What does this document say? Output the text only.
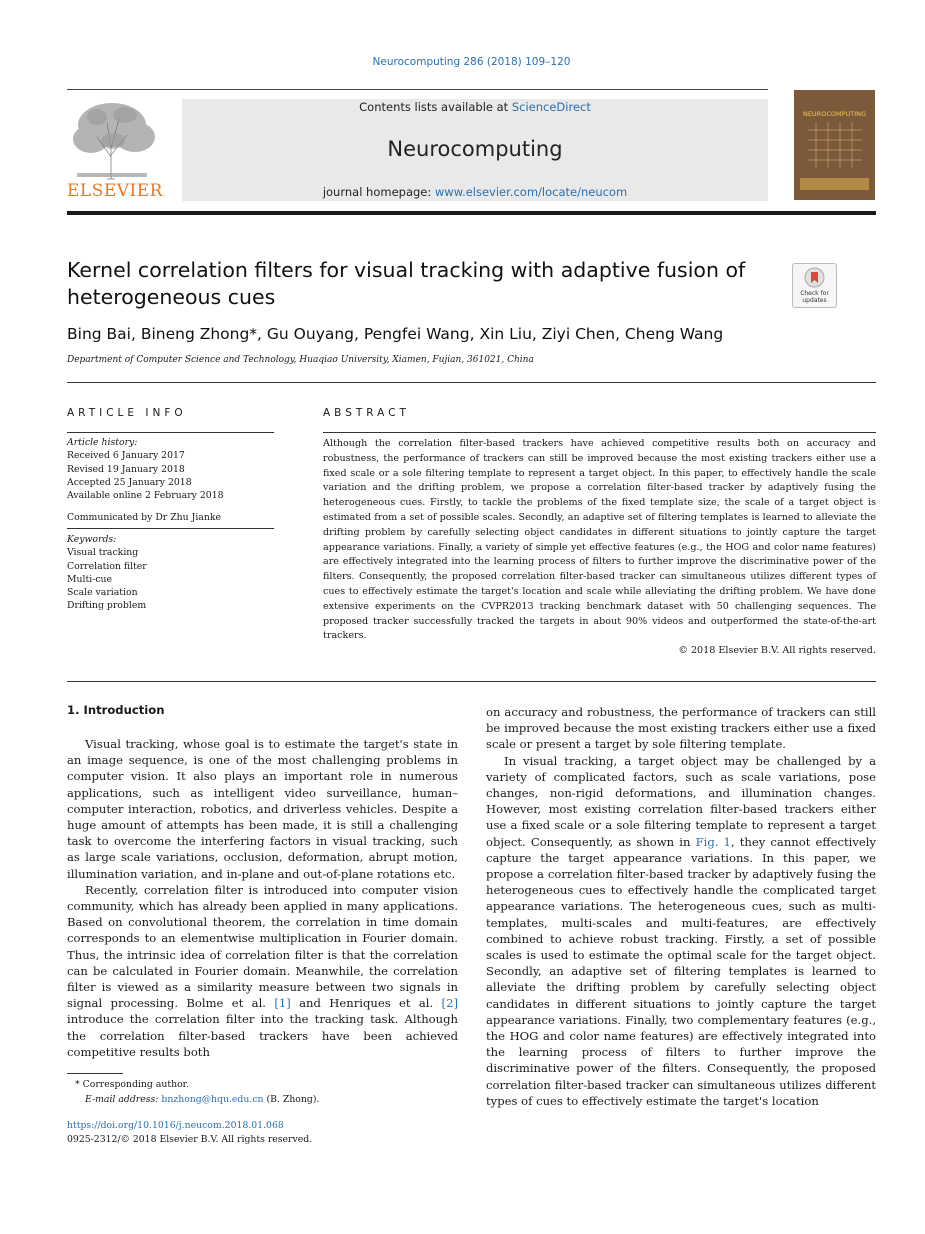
Neurocomputing 286 (2018) 109–120
ELSEVIER
Contents lists available at ScienceDirect
Neurocomputing
journal homepage: www.elsevier.com/locate/neucom
NEUROCOMPUTING
Kernel correlation filters for visual tracking with adaptive fusion of heterogeneous cues	Check for
updates
Bing Bai, Bineng Zhong*, Gu Ouyang, Pengfei Wang, Xin Liu, Ziyi Chen, Cheng Wang
Department of Computer Science and Technology, Huaqiao University, Xiamen, Fujian, 361021, China
ARTICLE INFO	ABSTRACT
Article history:
Received 6 January 2017
Revised 19 January 2018
Accepted 25 January 2018
Available online 2 February 2018
Communicated by Dr Zhu Jianke
Keywords:
Visual tracking
Correlation filter
Multi-cue
Scale variation
Drifting problem
Although the correlation filter-based trackers have achieved competitive results both on accuracy and robustness, the performance of trackers can still be improved because the most existing trackers either use a fixed scale or a sole filtering template to represent a target object. In this paper, to effectively handle the scale variation and the drifting problem, we propose a correlation filter-based tracker by adaptively fusing the heterogeneous cues. Firstly, to tackle the problems of the fixed template size, the scale of a target object is estimated from a set of possible scales. Secondly, an adaptive set of filtering templates is learned to alleviate the drifting problem by carefully selecting object candidates in different situations to jointly capture the target appearance variations. Finally, a variety of simple yet effective features (e.g., the HOG and color name features) are effectively integrated into the learning process of filters to further improve the discriminative power of the filters. Consequently, the proposed correlation filter-based tracker can simultaneous utilizes different types of cues to effectively estimate the target's location and scale while alleviating the drifting problem. We have done extensive experiments on the CVPR2013 tracking benchmark dataset with 50 challenging sequences. The proposed tracker successfully tracked the targets in about 90% videos and outperformed the state-of-the-art trackers.
© 2018 Elsevier B.V. All rights reserved.
1. Introduction

Visual tracking, whose goal is to estimate the target's state in an image sequence, is one of the most challenging problems in computer vision. It also plays an important role in numerous applications, such as intelligent video surveillance, human–computer interaction, robotics, and driverless vehicles. Despite a huge amount of attempts has been made, it is still a challenging task to overcome the interfering factors in visual tracking, such as large scale variations, occlusion, deformation, abrupt motion, illumination variation, and in-plane and out-of-plane rotations etc.

Recently, correlation filter is introduced into computer vision community, which has already been applied in many applications. Based on convolutional theorem, the correlation in time domain corresponds to an elementwise multiplication in Fourier domain. Thus, the intrinsic idea of correlation filter is that the correlation can be calculated in Fourier domain. Meanwhile, the correlation filter is viewed as a similarity measure between two signals in signal processing. Bolme et al. [1] and Henriques et al. [2] introduce the correlation filter into the tracking task. Although the correlation filter-based trackers have been achieved competitive results both

on accuracy and robustness, the performance of trackers can still be improved because the most existing trackers either use a fixed scale or present a target by sole filtering template.

In visual tracking, a target object may be challenged by a variety of complicated factors, such as scale variations, pose changes, non-rigid deformations, and illumination changes. However, most existing correlation filter-based trackers either use a fixed scale or a sole filtering template to represent a target object. Consequently, as shown in Fig. 1, they cannot effectively capture the target appearance variations. In this paper, we propose a correlation filter-based tracker by adaptively fusing the heterogeneous cues to effectively handle the complicated target appearance variations. The heterogeneous cues, such as multi-templates, multi-scales and multi-features, are effectively combined to achieve robust tracking. Firstly, a set of possible scales is used to estimate the optimal scale for the target object. Secondly, an adaptive set of filtering templates is learned to alleviate the drifting problem by carefully selecting object candidates in different situations to jointly capture the target appearance variations. Finally, two complementary features (e.g., the HOG and color name features) are effectively integrated into the learning process of filters to further improve the discriminative power of the filters. Consequently, the proposed correlation filter-based tracker can simultaneous utilizes different types of cues to effectively estimate the target's location

* Corresponding author.
E-mail address: bnzhong@hqu.edu.cn (B. Zhong).
https://doi.org/10.1016/j.neucom.2018.01.068
0925-2312/© 2018 Elsevier B.V. All rights reserved.
